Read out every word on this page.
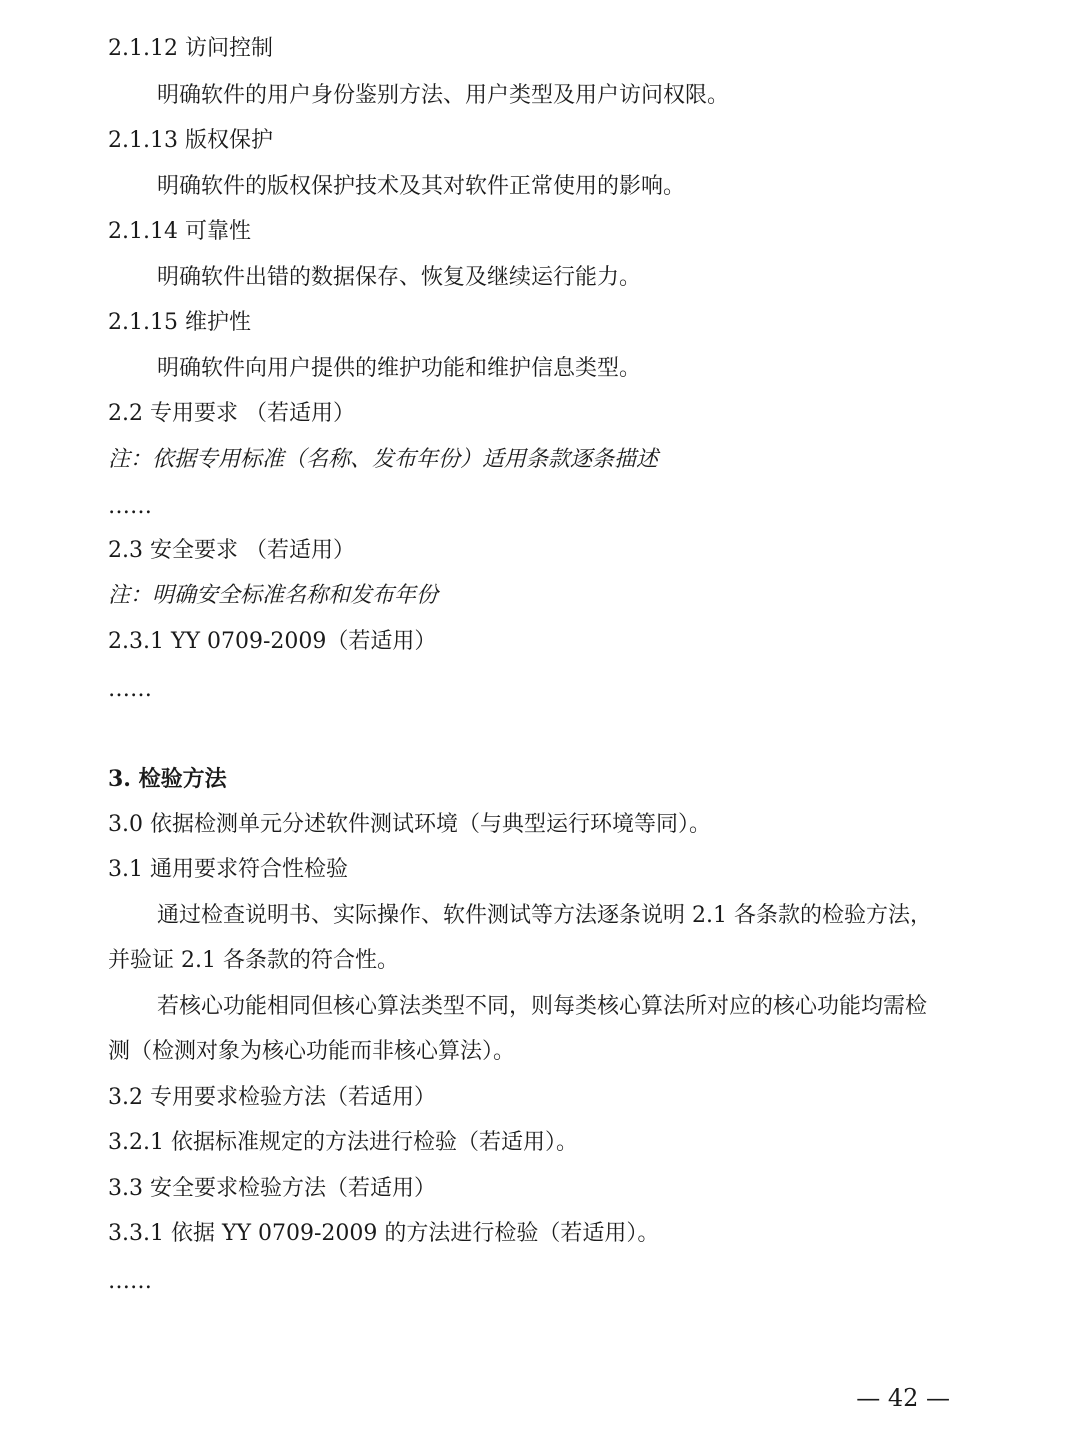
2.1.12 访问控制
明确软件的用户身份鉴别方法、用户类型及用户访问权限。
2.1.13 版权保护
明确软件的版权保护技术及其对软件正常使用的影响。
2.1.14 可靠性
明确软件出错的数据保存、恢复及继续运行能力。
2.1.15 维护性
明确软件向用户提供的维护功能和维护信息类型。
2.2 专用要求 （若适用）
注：依据专用标准（名称、发布年份）适用条款逐条描述
……
2.3 安全要求 （若适用）
注：明确安全标准名称和发布年份
2.3.1 YY 0709-2009（若适用）
……
3. 检验方法
3.0 依据检测单元分述软件测试环境（与典型运行环境等同）。
3.1 通用要求符合性检验
通过检查说明书、实际操作、软件测试等方法逐条说明 2.1 各条款的检验方法，
并验证 2.1 各条款的符合性。
若核心功能相同但核心算法类型不同，则每类核心算法所对应的核心功能均需检
测（检测对象为核心功能而非核心算法）。
3.2 专用要求检验方法（若适用）
3.2.1 依据标准规定的方法进行检验（若适用）。
3.3 安全要求检验方法（若适用）
3.3.1 依据 YY 0709-2009 的方法进行检验（若适用）。
……
— 42 —
